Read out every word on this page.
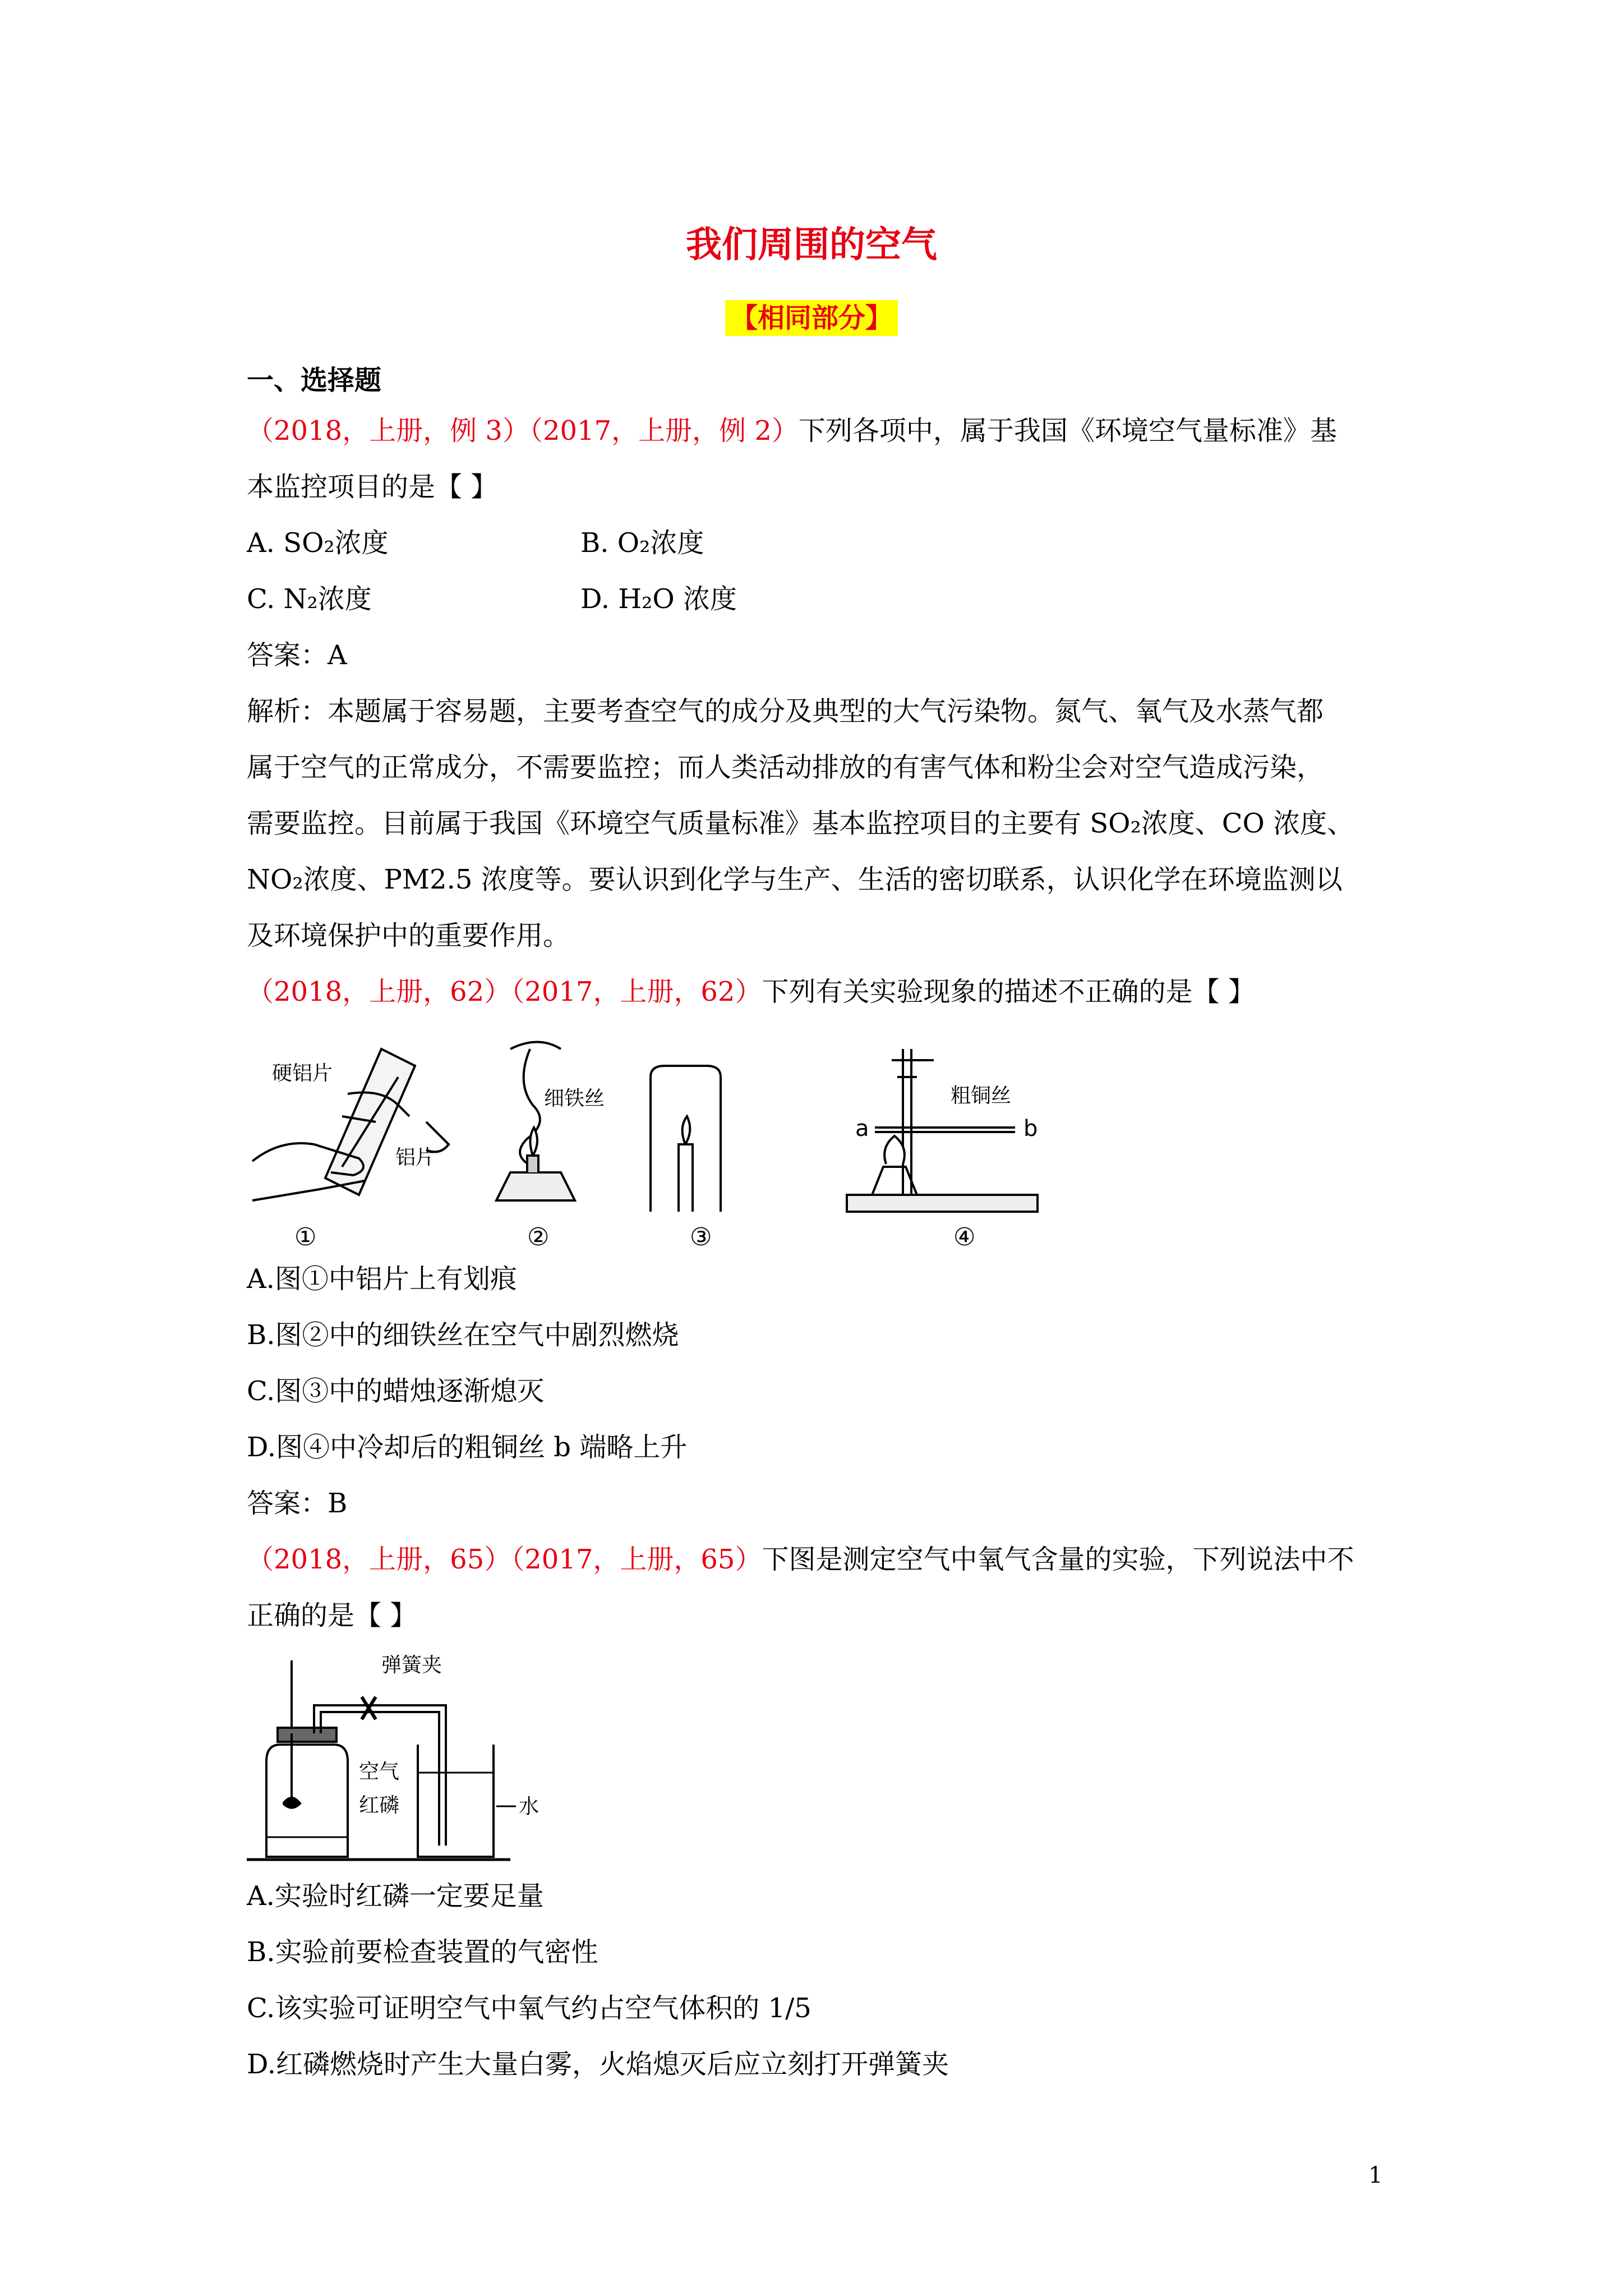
我们周围的空气
【相同部分】
一、选择题
（2018，上册，例 3）（2017，上册，例 2）下列各项中，属于我国《环境空气量标准》基
本监控项目的是【 】
A. SO₂浓度	B. O₂浓度
C. N₂浓度	D. H₂O 浓度
答案：A
解析：本题属于容易题，主要考查空气的成分及典型的大气污染物。氮气、氧气及水蒸气都
属于空气的正常成分，不需要监控；而人类活动排放的有害气体和粉尘会对空气造成污染，
需要监控。目前属于我国《环境空气质量标准》基本监控项目的主要有 SO₂浓度、CO 浓度、
NO₂浓度、PM2.5 浓度等。要认识到化学与生产、生活的密切联系，认识化学在环境监测以
及环境保护中的重要作用。
（2018，上册，62）（2017，上册，62）下列有关实验现象的描述不正确的是【 】
硬铝片
铝片
细铁丝	粗铜丝
a	b
①	②	③	④
A.图①中铝片上有划痕
B.图②中的细铁丝在空气中剧烈燃烧
C.图③中的蜡烛逐渐熄灭
D.图④中冷却后的粗铜丝 b 端略上升
答案：B
（2018，上册，65）（2017，上册，65）下图是测定空气中氧气含量的实验，下列说法中不
正确的是【 】
弹簧夹
空气
红磷	水
A.实验时红磷一定要足量
B.实验前要检查装置的气密性
C.该实验可证明空气中氧气约占空气体积的 1/5
D.红磷燃烧时产生大量白雾，火焰熄灭后应立刻打开弹簧夹
1
